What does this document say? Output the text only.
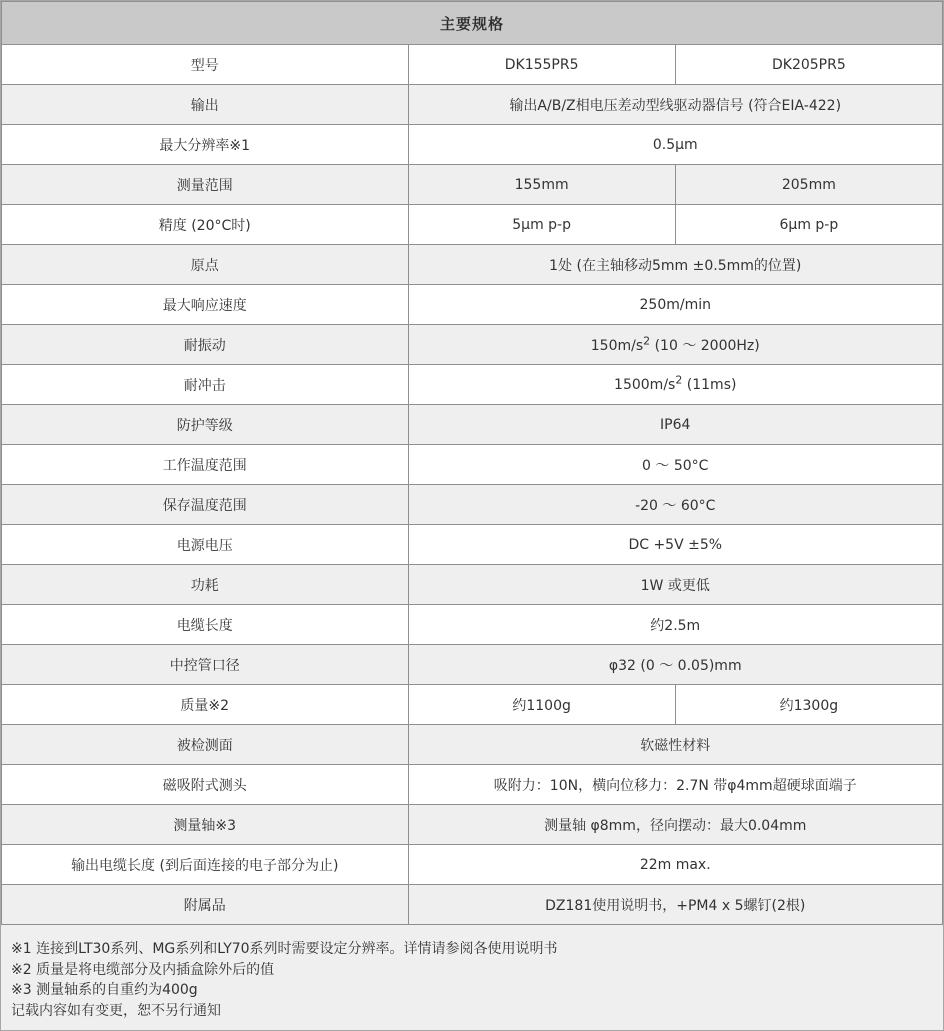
主要规格		
型号	DK155PR5	DK205PR5
输出	输出A/B/Z相电压差动型线驱动器信号 (符合EIA-422)	
最大分辨率※1	0.5μm	
测量范围	155mm	205mm
精度 (20°C时)	5μm p-p	6μm p-p
原点	1处 (在主轴移动5mm ±0.5mm的位置)	
最大响应速度	250m/min	
耐振动	$150m/s^2$ (10 ～ 2000Hz)	
耐冲击	$1500m/s^2$ (11ms)	
防护等级	IP64	
工作温度范围	0 ～ 50°C	
保存温度范围	-20 ～ 60°C	
电源电压	DC +5V ±5%	
功耗	1W 或更低	
电缆长度	约2.5m	
中控管口径	φ32 (0 ～ 0.05)mm	
质量※2	约1100g	约1300g
被检测面	软磁性材料	
磁吸附式测头	吸附力：10N，横向位移力：2.7N 带φ4mm超硬球面端子	
测量轴※3	测量轴 φ8mm，径向摆动：最大0.04mm	
输出电缆长度 (到后面连接的电子部分为止)	22m max.	
附属品	DZ181使用说明书，+PM4 x 5螺钉(2根)	

※1 连接到LT30系列、MG系列和LY70系列时需要设定分辨率。详情请参阅各使用说明书

※2 质量是将电缆部分及内插盒除外后的值

※3 测量轴系的自重约为400g

记载内容如有变更，恕不另行通知
